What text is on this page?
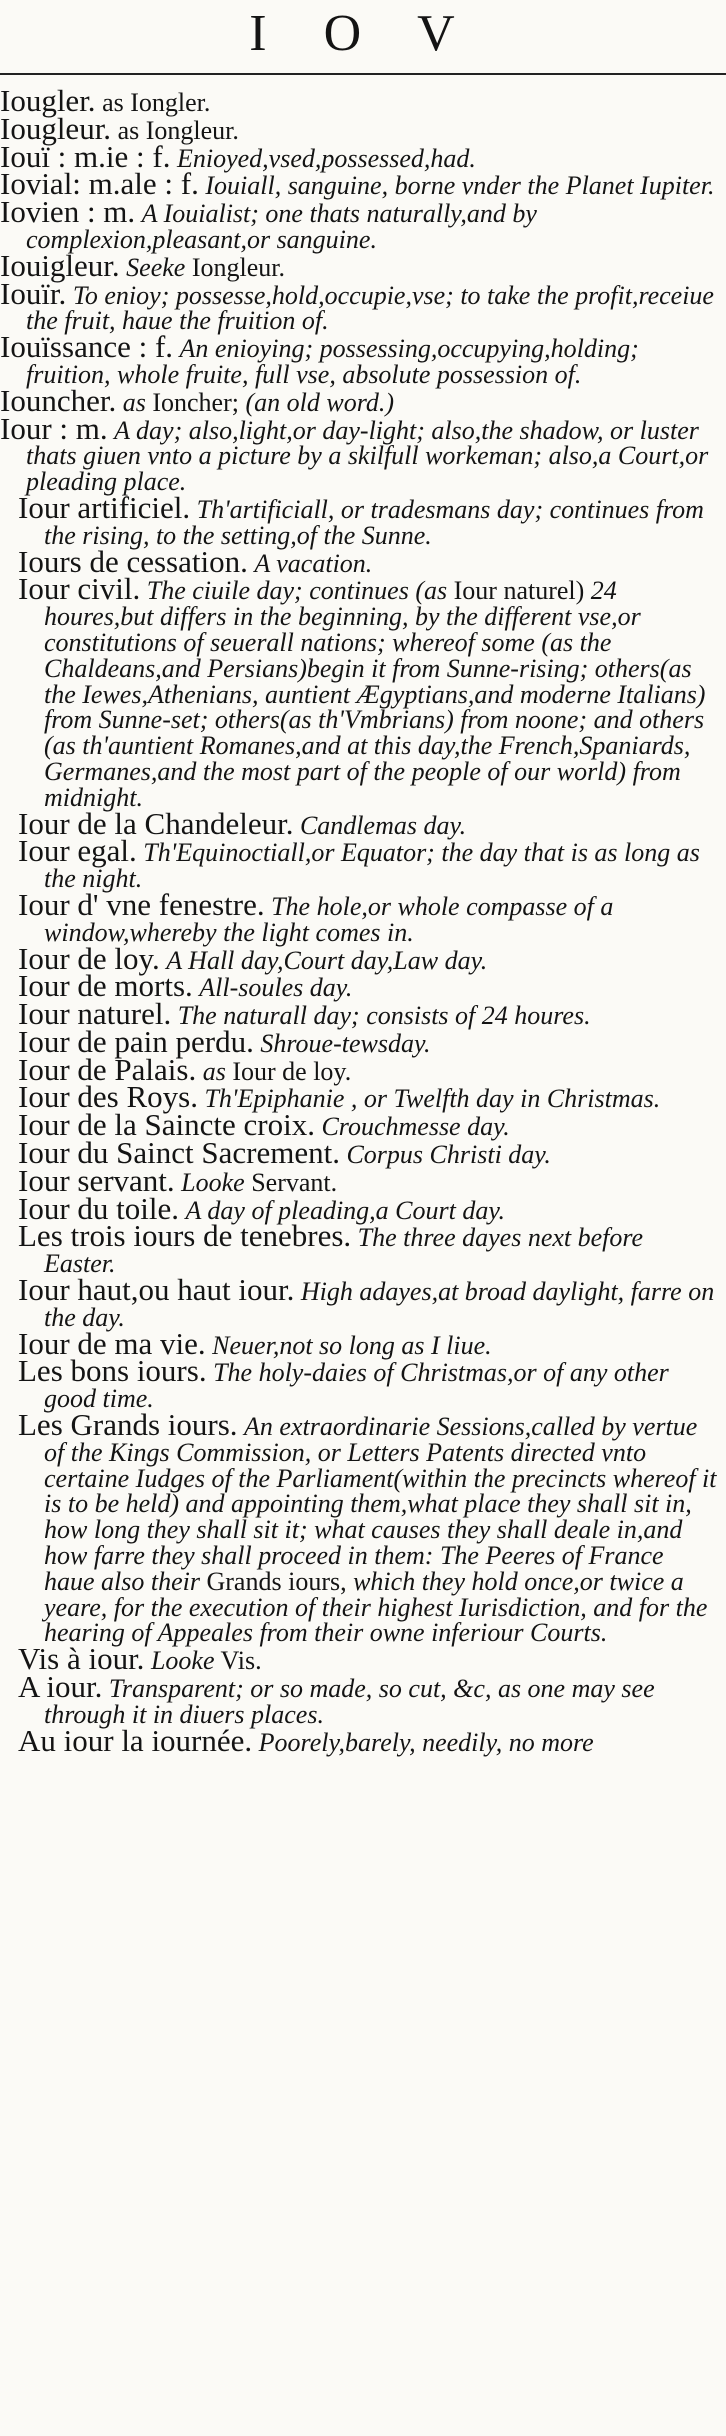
I O V

Iougler. as Iongler.

Iougleur. as Iongleur.

Iouï : m.ie : f. Enioyed,vsed,possessed,had.

Iovial: m.ale : f. Iouiall, sanguine, borne vnder the Planet Iupiter.

Iovien : m. A Iouialist; one thats naturally,and by complexion,pleasant,or sanguine.

Iouigleur. Seeke Iongleur.

Iouïr. To enioy; possesse,hold,occupie,vse; to take the profit,receiue the fruit, haue the fruition of.

Iouïssance : f. An enioying; possessing,occupying,holding; fruition, whole fruite, full vse, absolute possession of.

Iouncher. as Ioncher; (an old word.)

Iour : m. A day; also,light,or day-light; also,the shadow, or luster thats giuen vnto a picture by a skilfull workeman; also,a Court,or pleading place.

Iour artificiel. Th'artificiall, or tradesmans day; continues from the rising, to the setting,of the Sunne.

Iours de cessation. A vacation.

Iour civil. The ciuile day; continues (as Iour naturel) 24 houres,but differs in the beginning, by the different vse,or constitutions of seuerall nations; whereof some (as the Chaldeans,and Persians)begin it from Sunne-rising; others(as the Iewes,Athenians, auntient Ægyptians,and moderne Italians) from Sunne-set; others(as th'Vmbrians) from noone; and others (as th'auntient Romanes,and at this day,the French,Spaniards, Germanes,and the most part of the people of our world) from midnight.

Iour de la Chandeleur. Candlemas day.

Iour egal. Th'Equinoctiall,or Equator; the day that is as long as the night.

Iour d' vne fenestre. The hole,or whole compasse of a window,whereby the light comes in.

Iour de loy. A Hall day,Court day,Law day.

Iour de morts. All-soules day.

Iour naturel. The naturall day; consists of 24 houres.

Iour de pain perdu. Shroue-tewsday.

Iour de Palais. as Iour de loy.

Iour des Roys. Th'Epiphanie , or Twelfth day in Christmas.

Iour de la Saincte croix. Crouchmesse day.

Iour du Sainct Sacrement. Corpus Christi day.

Iour servant. Looke Servant.

Iour du toile. A day of pleading,a Court day.

Les trois iours de tenebres. The three dayes next before Easter.

Iour haut,ou haut iour. High adayes,at broad daylight, farre on the day.

Iour de ma vie. Neuer,not so long as I liue.

Les bons iours. The holy-daies of Christmas,or of any other good time.

Les Grands iours. An extraordinarie Sessions,called by vertue of the Kings Commission, or Letters Patents directed vnto certaine Iudges of the Parliament(within the precincts whereof it is to be held) and appointing them,what place they shall sit in, how long they shall sit it; what causes they shall deale in,and how farre they shall proceed in them: The Peeres of France haue also their Grands iours, which they hold once,or twice a yeare, for the execution of their highest Iurisdiction, and for the hearing of Appeales from their owne inferiour Courts.

Vis à iour. Looke Vis.

A iour. Transparent; or so made, so cut, &c, as one may see through it in diuers places.

Au iour la iournée. Poorely,barely, needily, no more
